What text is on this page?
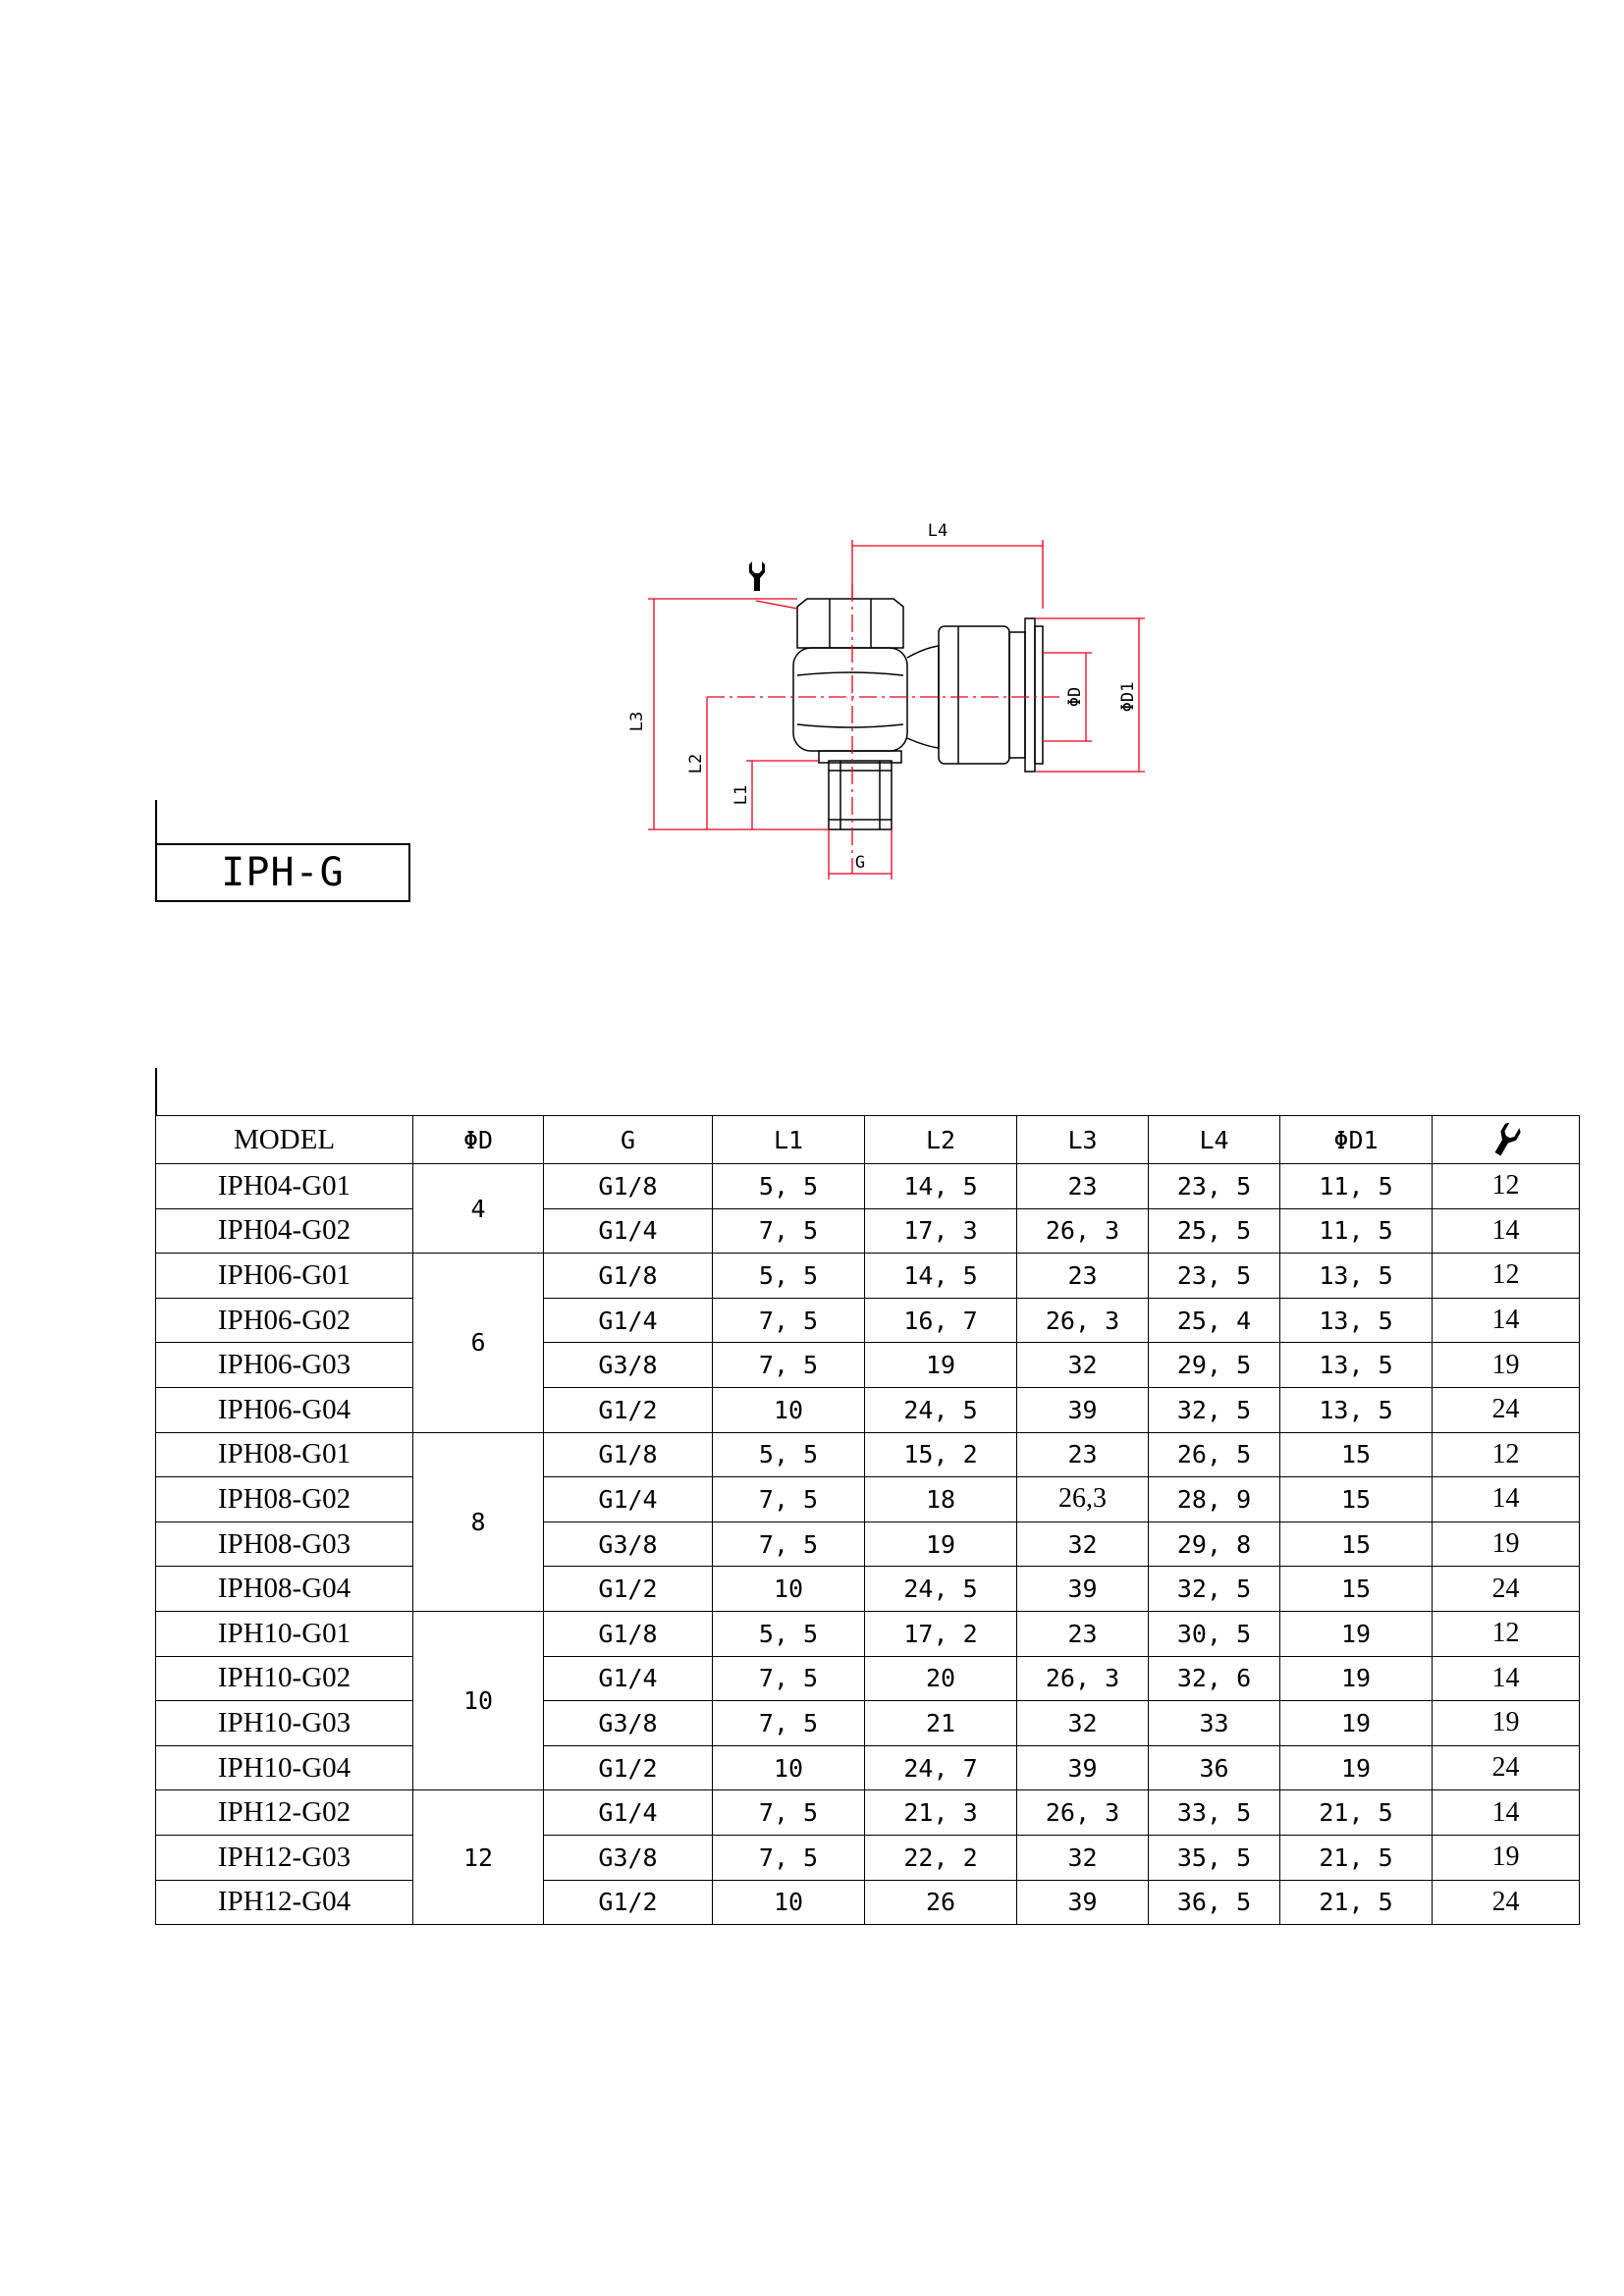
L4
L3
L2
L1
G
ΦD ΦD1
IPH-G
MODEL	ΦD	G	L1	L2	L3	L4	ΦD1	
IPH04-G01	4	G1/8	5, 5	14, 5	23	23, 5	11, 5	12
IPH04-G02		G1/4	7, 5	17, 3	26, 3	25, 5	11, 5	14
IPH06-G01	6	G1/8	5, 5	14, 5	23	23, 5	13, 5	12
IPH06-G02		G1/4	7, 5	16, 7	26, 3	25, 4	13, 5	14
IPH06-G03		G3/8	7, 5	19	32	29, 5	13, 5	19
IPH06-G04		G1/2	10	24, 5	39	32, 5	13, 5	24
IPH08-G01	8	G1/8	5, 5	15, 2	23	26, 5	15	12
IPH08-G02		G1/4	7, 5	18	26,3	28, 9	15	14
IPH08-G03		G3/8	7, 5	19	32	29, 8	15	19
IPH08-G04		G1/2	10	24, 5	39	32, 5	15	24
IPH10-G01	10	G1/8	5, 5	17, 2	23	30, 5	19	12
IPH10-G02		G1/4	7, 5	20	26, 3	32, 6	19	14
IPH10-G03		G3/8	7, 5	21	32	33	19	19
IPH10-G04		G1/2	10	24, 7	39	36	19	24
IPH12-G02	12	G1/4	7, 5	21, 3	26, 3	33, 5	21, 5	14
IPH12-G03		G3/8	7, 5	22, 2	32	35, 5	21, 5	19
IPH12-G04		G1/2	10	26	39	36, 5	21, 5	24
